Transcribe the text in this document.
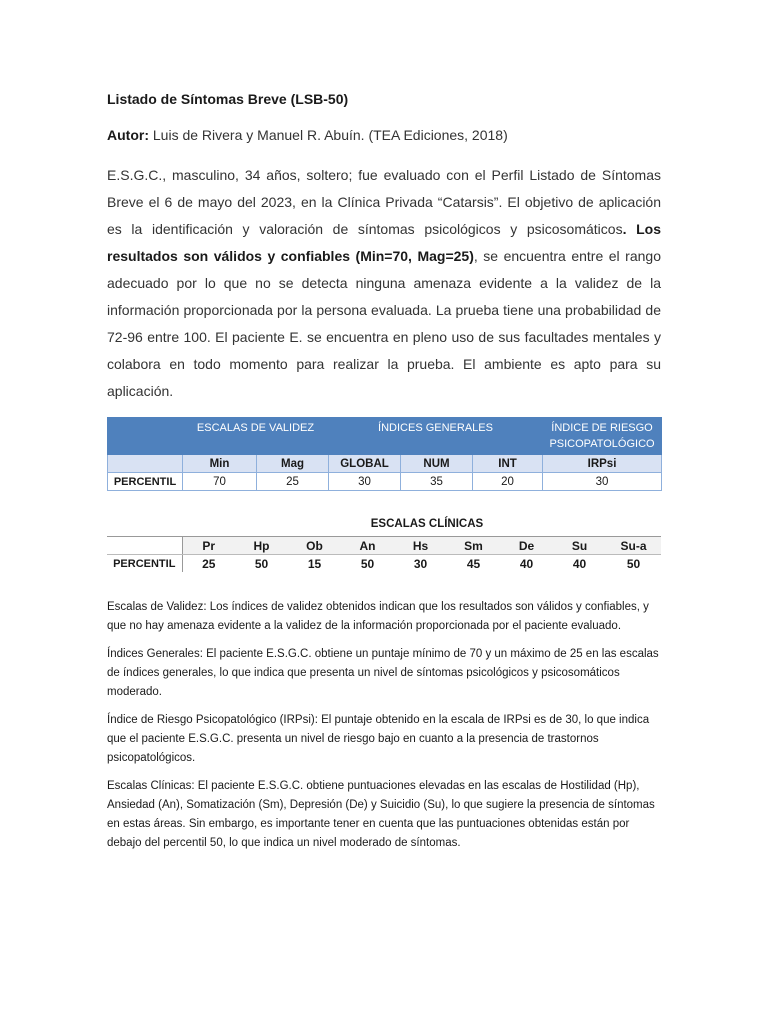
Listado de Síntomas Breve (LSB-50)
Autor: Luis de Rivera y Manuel R. Abuín. (TEA Ediciones, 2018)

E.S.G.C., masculino, 34 años, soltero; fue evaluado con el Perfil Listado de Síntomas Breve el 6 de mayo del 2023, en la Clínica Privada “Catarsis”. El objetivo de aplicación es la identificación y valoración de síntomas psicológicos y psicosomáticos. Los resultados son válidos y confiables (Min=70, Mag=25), se encuentra entre el rango adecuado por lo que no se detecta ninguna amenaza evidente a la validez de la información proporcionada por la persona evaluada. La prueba tiene una probabilidad de 72-96 entre 100. El paciente E. se encuentra en pleno uso de sus facultades mentales y colabora en todo momento para realizar la prueba. El ambiente es apto para su aplicación.

	ESCALAS DE VALIDEZ		ÍNDICES GENERALES			ÍNDICE DE RIESGO PSICOPATOLÓGICO
	Min	Mag	GLOBAL	NUM	INT	IRPsi
PERCENTIL	70	25	30	35	20	30
ESCALAS CLÍNICAS
	Pr	Hp	Ob	An	Hs	Sm	De	Su	Su-a
PERCENTIL	25	50	15	50	30	45	40	40	50

Escalas de Validez: Los índices de validez obtenidos indican que los resultados son válidos y confiables, y que no hay amenaza evidente a la validez de la información proporcionada por el paciente evaluado.

Índices Generales: El paciente E.S.G.C. obtiene un puntaje mínimo de 70 y un máximo de 25 en las escalas de índices generales, lo que indica que presenta un nivel de síntomas psicológicos y psicosomáticos moderado.

Índice de Riesgo Psicopatológico (IRPsi): El puntaje obtenido en la escala de IRPsi es de 30, lo que indica que el paciente E.S.G.C. presenta un nivel de riesgo bajo en cuanto a la presencia de trastornos psicopatológicos.

Escalas Clínicas: El paciente E.S.G.C. obtiene puntuaciones elevadas en las escalas de Hostilidad (Hp), Ansiedad (An), Somatización (Sm), Depresión (De) y Suicidio (Su), lo que sugiere la presencia de síntomas en estas áreas. Sin embargo, es importante tener en cuenta que las puntuaciones obtenidas están por debajo del percentil 50, lo que indica un nivel moderado de síntomas.
